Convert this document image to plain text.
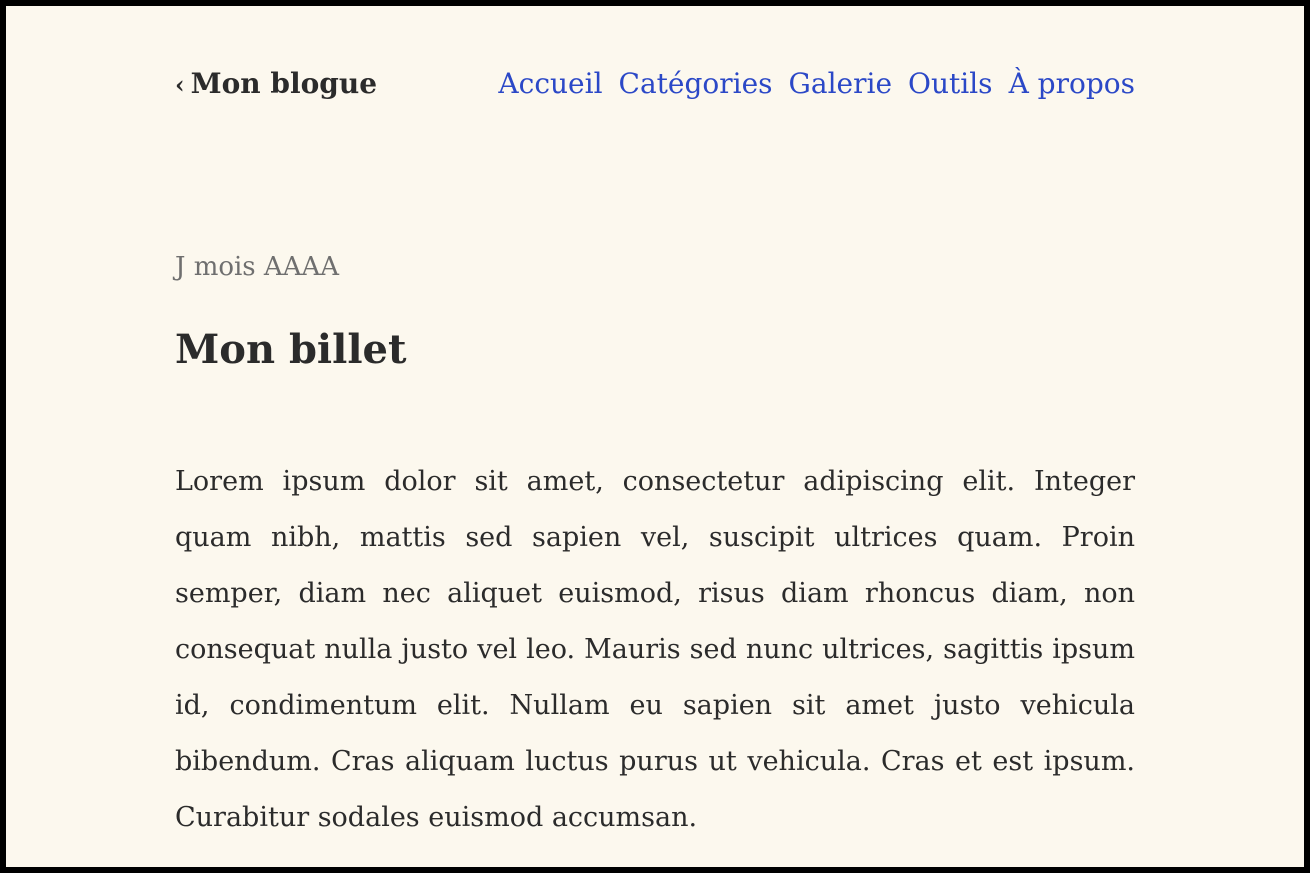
‹ Mon blogue	Accueil Catégories Galerie Outils À propos
J mois AAAA
Mon billet

Lorem ipsum dolor sit amet, consectetur adipiscing elit. Integer quam nibh, mattis sed sapien vel, suscipit ultrices quam. Proin semper, diam nec aliquet euismod, risus diam rhoncus diam, non consequat nulla justo vel leo. Mauris sed nunc ultrices, sagittis ipsum id, condimentum elit. Nullam eu sapien sit amet justo vehicula bibendum. Cras aliquam luctus purus ut vehicula. Cras et est ipsum. Curabitur sodales euismod accumsan.
